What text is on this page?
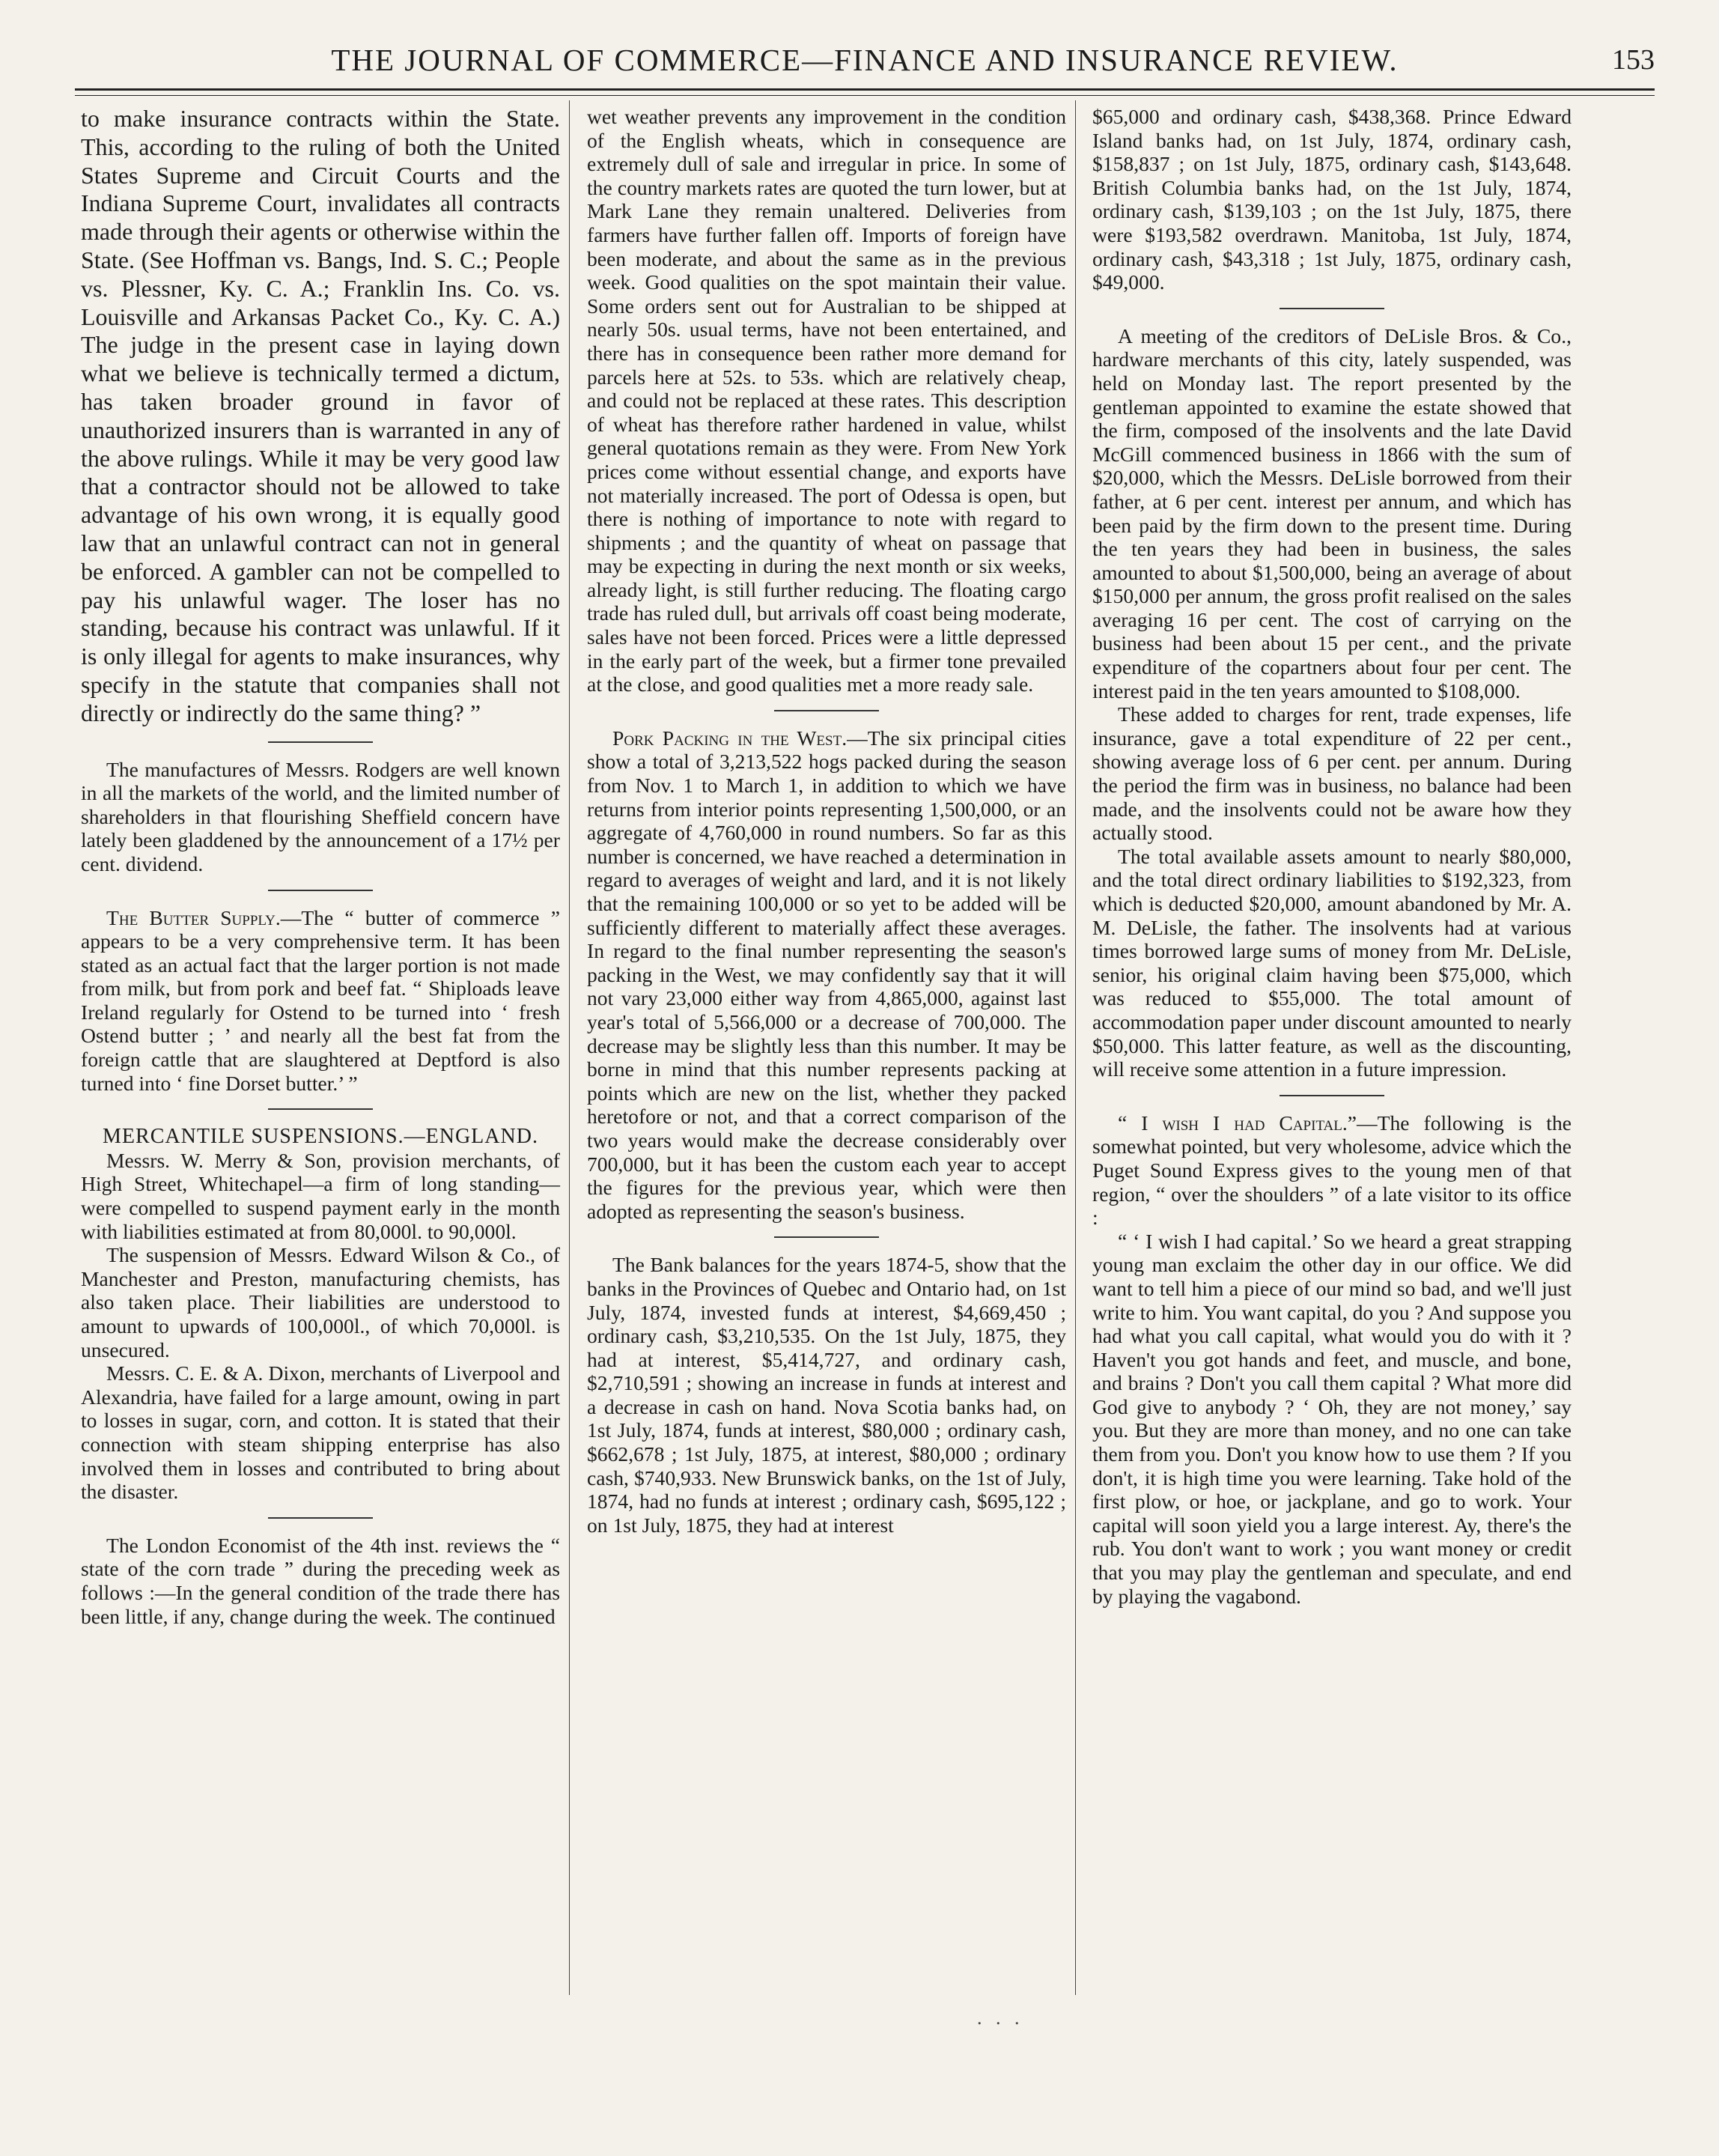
THE JOURNAL OF COMMERCE—FINANCE AND INSURANCE REVIEW.	153

to make insurance contracts within the State. This, according to the ruling of both the United States Supreme and Circuit Courts and the Indiana Supreme Court, invalidates all contracts made through their agents or otherwise within the State. (See Hoffman vs. Bangs, Ind. S. C.; People vs. Plessner, Ky. C. A.; Franklin Ins. Co. vs. Louisville and Arkansas Packet Co., Ky. C. A.) The judge in the present case in laying down what we believe is technically termed a dictum, has taken broader ground in favor of unauthorized insurers than is warranted in any of the above rulings. While it may be very good law that a contractor should not be allowed to take advantage of his own wrong, it is equally good law that an unlawful contract can not in general be enforced. A gambler can not be compelled to pay his unlawful wager. The loser has no standing, because his contract was unlawful. If it is only illegal for agents to make insurances, why specify in the statute that companies shall not directly or indirectly do the same thing? ”

The manufactures of Messrs. Rodgers are well known in all the markets of the world, and the limited number of shareholders in that flourishing Sheffield concern have lately been gladdened by the announcement of a 17½ per cent. dividend.

The Butter Supply.—The “ butter of commerce ” appears to be a very comprehensive term. It has been stated as an actual fact that the larger portion is not made from milk, but from pork and beef fat. “ Shiploads leave Ireland regularly for Ostend to be turned into ‘ fresh Ostend butter ; ’ and nearly all the best fat from the foreign cattle that are slaughtered at Deptford is also turned into ‘ fine Dorset butter.’ ”

MERCANTILE SUSPENSIONS.—ENGLAND.

Messrs. W. Merry & Son, provision merchants, of High Street, Whitechapel—a firm of long standing—were compelled to suspend payment early in the month with liabilities estimated at from 80,000l. to 90,000l.

The suspension of Messrs. Edward Wilson & Co., of Manchester and Preston, manufacturing chemists, has also taken place. Their liabilities are understood to amount to upwards of 100,000l., of which 70,000l. is unsecured.

Messrs. C. E. & A. Dixon, merchants of Liverpool and Alexandria, have failed for a large amount, owing in part to losses in sugar, corn, and cotton. It is stated that their connection with steam shipping enterprise has also involved them in losses and contributed to bring about the disaster.

The London Economist of the 4th inst. reviews the “ state of the corn trade ” during the preceding week as follows :—In the general condition of the trade there has been little, if any, change during the week. The continued

wet weather prevents any improvement in the condition of the English wheats, which in consequence are extremely dull of sale and irregular in price. In some of the country markets rates are quoted the turn lower, but at Mark Lane they remain unaltered. Deliveries from farmers have further fallen off. Imports of foreign have been moderate, and about the same as in the previous week. Good qualities on the spot maintain their value. Some orders sent out for Australian to be shipped at nearly 50s. usual terms, have not been entertained, and there has in consequence been rather more demand for parcels here at 52s. to 53s. which are relatively cheap, and could not be replaced at these rates. This description of wheat has therefore rather hardened in value, whilst general quotations remain as they were. From New York prices come without essential change, and exports have not materially increased. The port of Odessa is open, but there is nothing of importance to note with regard to shipments ; and the quantity of wheat on passage that may be expecting in during the next month or six weeks, already light, is still further reducing. The floating cargo trade has ruled dull, but arrivals off coast being moderate, sales have not been forced. Prices were a little depressed in the early part of the week, but a firmer tone prevailed at the close, and good qualities met a more ready sale.

Pork Packing in the West.—The six principal cities show a total of 3,213,522 hogs packed during the season from Nov. 1 to March 1, in addition to which we have returns from interior points representing 1,500,000, or an aggregate of 4,760,000 in round numbers. So far as this number is concerned, we have reached a determination in regard to averages of weight and lard, and it is not likely that the remaining 100,000 or so yet to be added will be sufficiently different to materially affect these averages. In regard to the final number representing the season's packing in the West, we may confidently say that it will not vary 23,000 either way from 4,865,000, against last year's total of 5,566,000 or a decrease of 700,000. The decrease may be slightly less than this number. It may be borne in mind that this number represents packing at points which are new on the list, whether they packed heretofore or not, and that a correct comparison of the two years would make the decrease considerably over 700,000, but it has been the custom each year to accept the figures for the previous year, which were then adopted as representing the season's business.

The Bank balances for the years 1874-5, show that the banks in the Provinces of Quebec and Ontario had, on 1st July, 1874, invested funds at interest, $4,669,450 ; ordinary cash, $3,210,535. On the 1st July, 1875, they had at interest, $5,414,727, and ordinary cash, $2,710,591 ; showing an increase in funds at interest and a decrease in cash on hand. Nova Scotia banks had, on 1st July, 1874, funds at interest, $80,000 ; ordinary cash, $662,678 ; 1st July, 1875, at interest, $80,000 ; ordinary cash, $740,933. New Brunswick banks, on the 1st of July, 1874, had no funds at interest ; ordinary cash, $695,122 ; on 1st July, 1875, they had at interest

$65,000 and ordinary cash, $438,368. Prince Edward Island banks had, on 1st July, 1874, ordinary cash, $158,837 ; on 1st July, 1875, ordinary cash, $143,648. British Columbia banks had, on the 1st July, 1874, ordinary cash, $139,103 ; on the 1st July, 1875, there were $193,582 overdrawn. Manitoba, 1st July, 1874, ordinary cash, $43,318 ; 1st July, 1875, ordinary cash, $49,000.

A meeting of the creditors of DeLisle Bros. & Co., hardware merchants of this city, lately suspended, was held on Monday last. The report presented by the gentleman appointed to examine the estate showed that the firm, composed of the insolvents and the late David McGill commenced business in 1866 with the sum of $20,000, which the Messrs. DeLisle borrowed from their father, at 6 per cent. interest per annum, and which has been paid by the firm down to the present time. During the ten years they had been in business, the sales amounted to about $1,500,000, being an average of about $150,000 per annum, the gross profit realised on the sales averaging 16 per cent. The cost of carrying on the business had been about 15 per cent., and the private expenditure of the copartners about four per cent. The interest paid in the ten years amounted to $108,000.

These added to charges for rent, trade expenses, life insurance, gave a total expenditure of 22 per cent., showing average loss of 6 per cent. per annum. During the period the firm was in business, no balance had been made, and the insolvents could not be aware how they actually stood.

The total available assets amount to nearly $80,000, and the total direct ordinary liabilities to $192,323, from which is deducted $20,000, amount abandoned by Mr. A. M. DeLisle, the father. The insolvents had at various times borrowed large sums of money from Mr. DeLisle, senior, his original claim having been $75,000, which was reduced to $55,000. The total amount of accommodation paper under discount amounted to nearly $50,000. This latter feature, as well as the discounting, will receive some attention in a future impression.

“ I wish I had Capital.”—The following is the somewhat pointed, but very wholesome, advice which the Puget Sound Express gives to the young men of that region, “ over the shoulders ” of a late visitor to its office :

“ ‘ I wish I had capital.’ So we heard a great strapping young man exclaim the other day in our office. We did want to tell him a piece of our mind so bad, and we'll just write to him. You want capital, do you ? And suppose you had what you call capital, what would you do with it ? Haven't you got hands and feet, and muscle, and bone, and brains ? Don't you call them capital ? What more did God give to anybody ? ‘ Oh, they are not money,’ say you. But they are more than money, and no one can take them from you. Don't you know how to use them ? If you don't, it is high time you were learning. Take hold of the first plow, or hoe, or jackplane, and go to work. Your capital will soon yield you a large interest. Ay, there's the rub. You don't want to work ; you want money or credit that you may play the gentleman and speculate, and end by playing the vagabond.

. . .
